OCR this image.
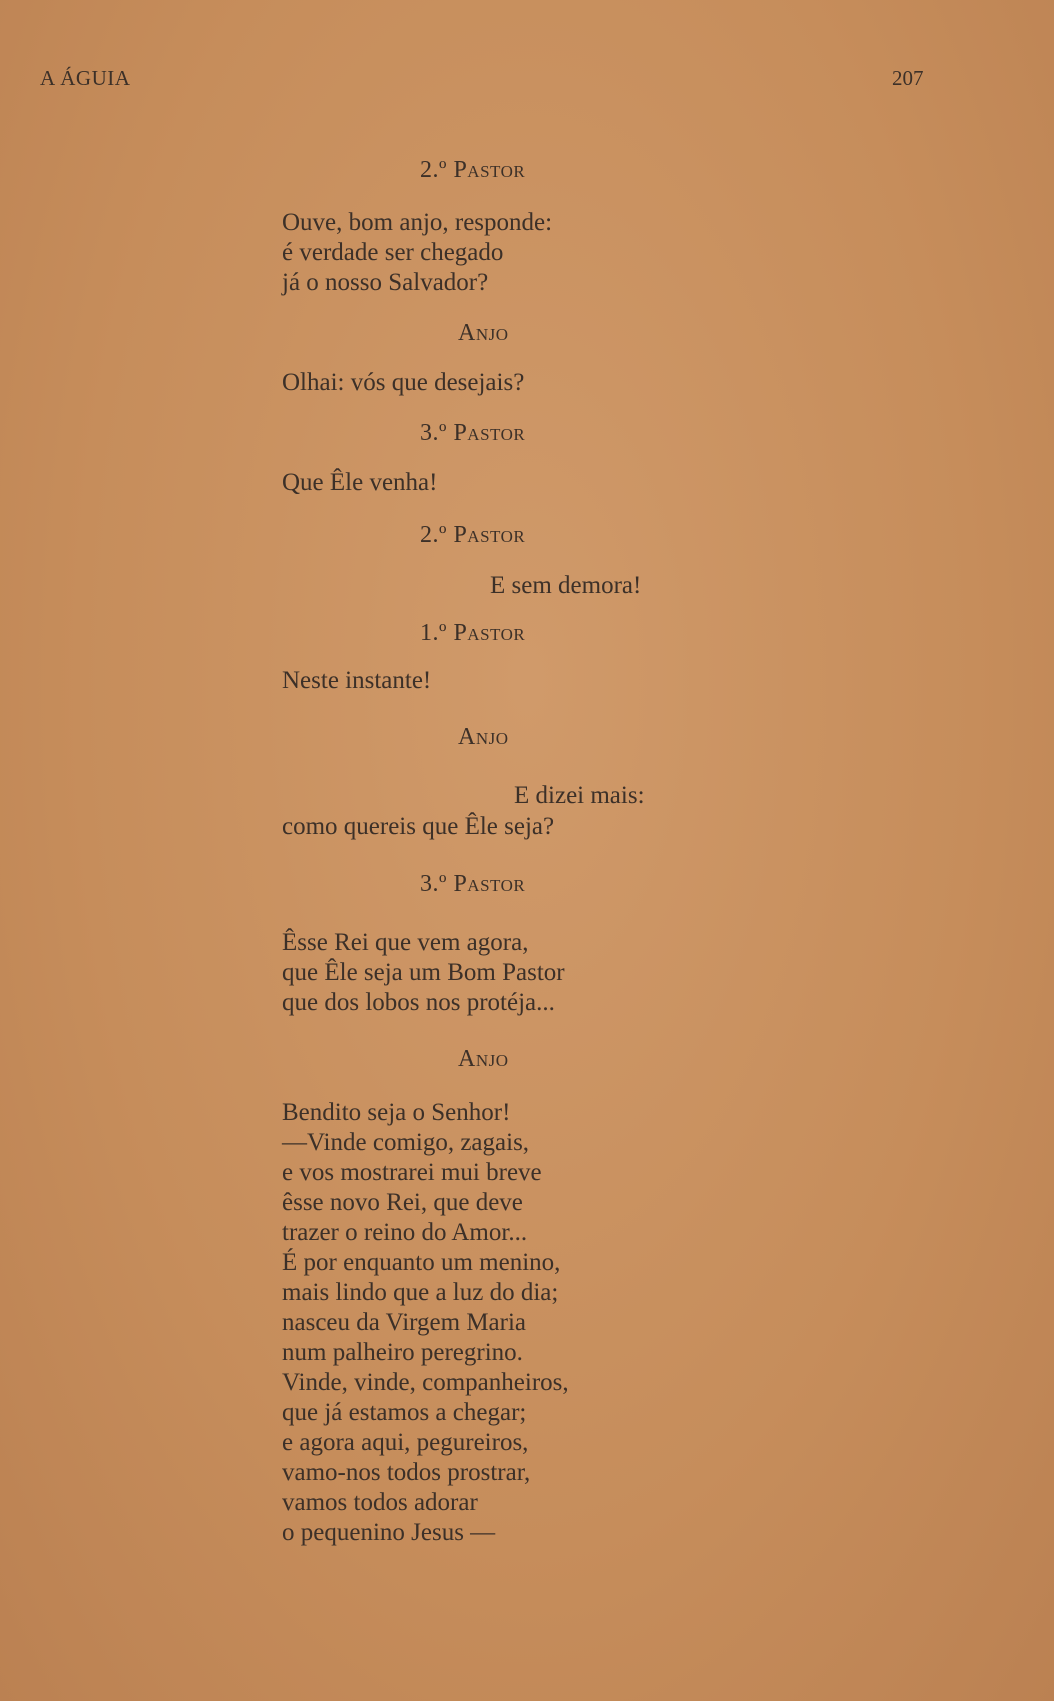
A ÁGUIA	207
2.º Pastor
Ouve, bom anjo, responde:
é verdade ser chegado
já o nosso Salvador?
Anjo
Olhai: vós que desejais?
3.º Pastor
Que Êle venha!
2.º Pastor
E sem demora!
1.º Pastor
Neste instante!
Anjo
E dizei mais:
como quereis que Êle seja?
3.º Pastor
Êsse Rei que vem agora,
que Êle seja um Bom Pastor
que dos lobos nos protéja...
Anjo
Bendito seja o Senhor!
—Vinde comigo, zagais,
e vos mostrarei mui breve
êsse novo Rei, que deve
trazer o reino do Amor...
É por enquanto um menino,
mais lindo que a luz do dia;
nasceu da Virgem Maria
num palheiro peregrino.
Vinde, vinde, companheiros,
que já estamos a chegar;
e agora aqui, pegureiros,
vamo-nos todos prostrar,
vamos todos adorar
o pequenino Jesus —
